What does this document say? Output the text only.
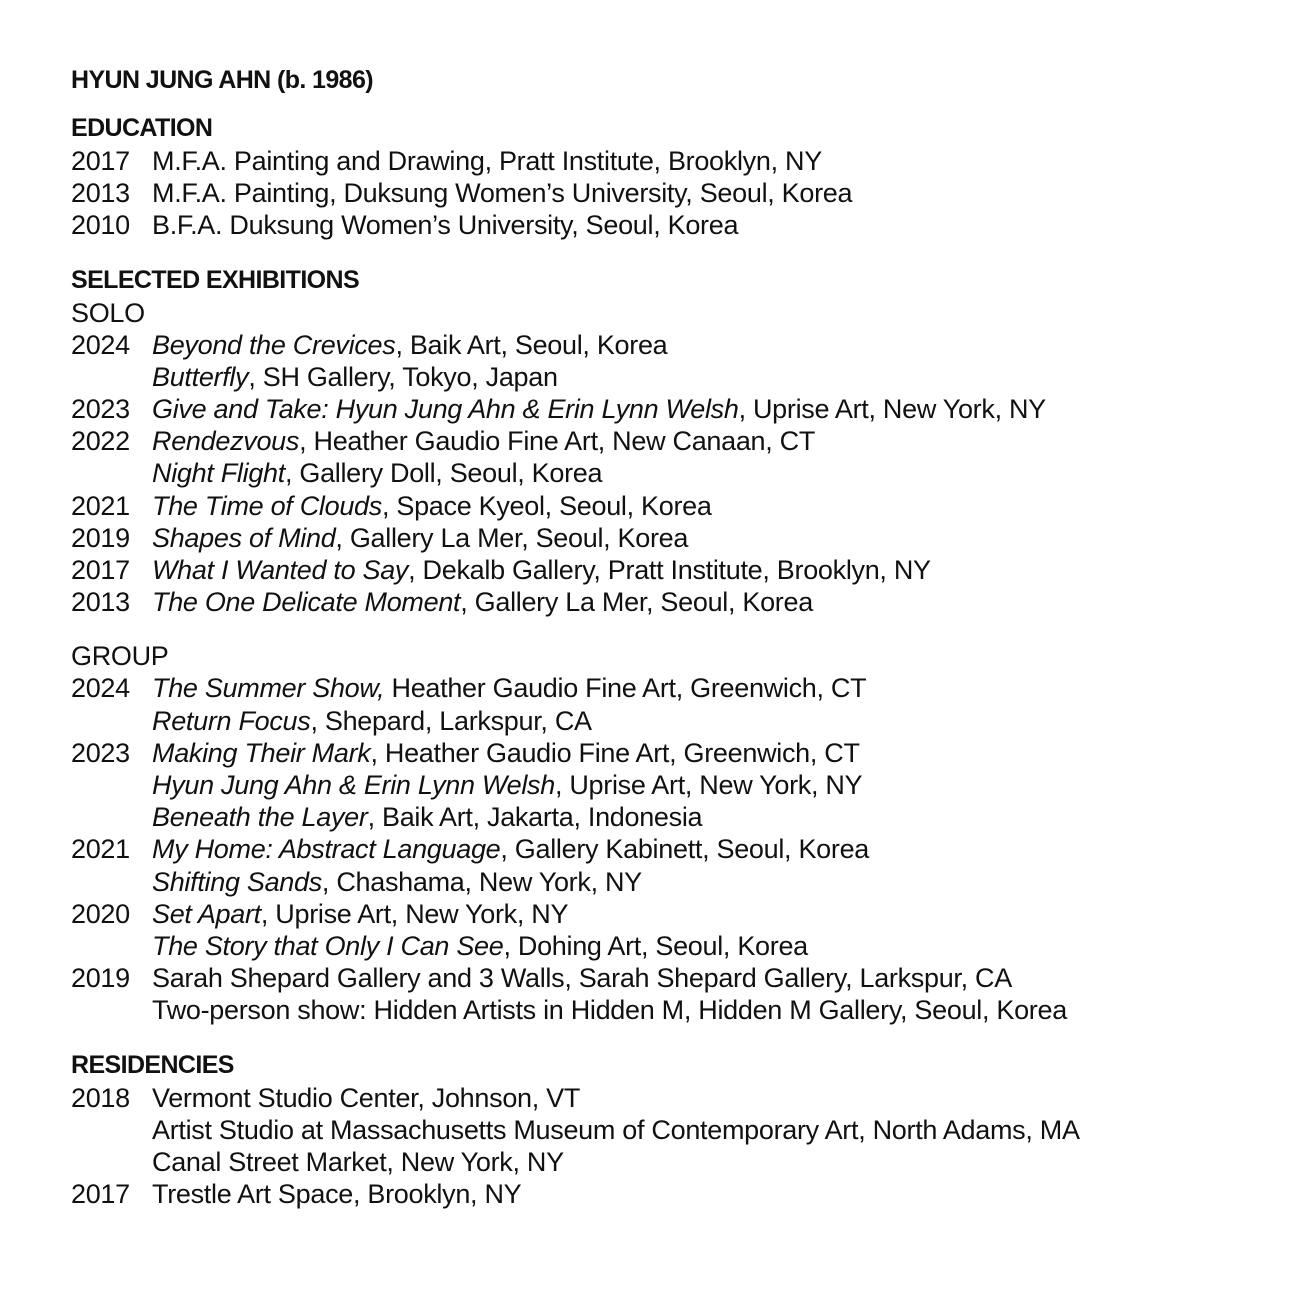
HYUN JUNG AHN (b. 1986)
EDUCATION
2017 M.F.A. Painting and Drawing, Pratt Institute, Brooklyn, NY
2013 M.F.A. Painting, Duksung Women’s University, Seoul, Korea
2010 B.F.A. Duksung Women’s University, Seoul, Korea
SELECTED EXHIBITIONS
SOLO
2024 Beyond the Crevices, Baik Art, Seoul, Korea
Butterfly, SH Gallery, Tokyo, Japan
2023 Give and Take: Hyun Jung Ahn & Erin Lynn Welsh, Uprise Art, New York, NY
2022 Rendezvous, Heather Gaudio Fine Art, New Canaan, CT
Night Flight, Gallery Doll, Seoul, Korea
2021 The Time of Clouds, Space Kyeol, Seoul, Korea
2019 Shapes of Mind, Gallery La Mer, Seoul, Korea
2017 What I Wanted to Say, Dekalb Gallery, Pratt Institute, Brooklyn, NY
2013 The One Delicate Moment, Gallery La Mer, Seoul, Korea
GROUP
2024 The Summer Show, Heather Gaudio Fine Art, Greenwich, CT
Return Focus, Shepard, Larkspur, CA
2023 Making Their Mark, Heather Gaudio Fine Art, Greenwich, CT
Hyun Jung Ahn & Erin Lynn Welsh, Uprise Art, New York, NY
Beneath the Layer, Baik Art, Jakarta, Indonesia
2021 My Home: Abstract Language, Gallery Kabinett, Seoul, Korea
Shifting Sands, Chashama, New York, NY
2020 Set Apart, Uprise Art, New York, NY
The Story that Only I Can See, Dohing Art, Seoul, Korea
2019 Sarah Shepard Gallery and 3 Walls, Sarah Shepard Gallery, Larkspur, CA
Two-person show: Hidden Artists in Hidden M, Hidden M Gallery, Seoul, Korea
RESIDENCIES
2018 Vermont Studio Center, Johnson, VT
Artist Studio at Massachusetts Museum of Contemporary Art, North Adams, MA
Canal Street Market, New York, NY
2017 Trestle Art Space, Brooklyn, NY
